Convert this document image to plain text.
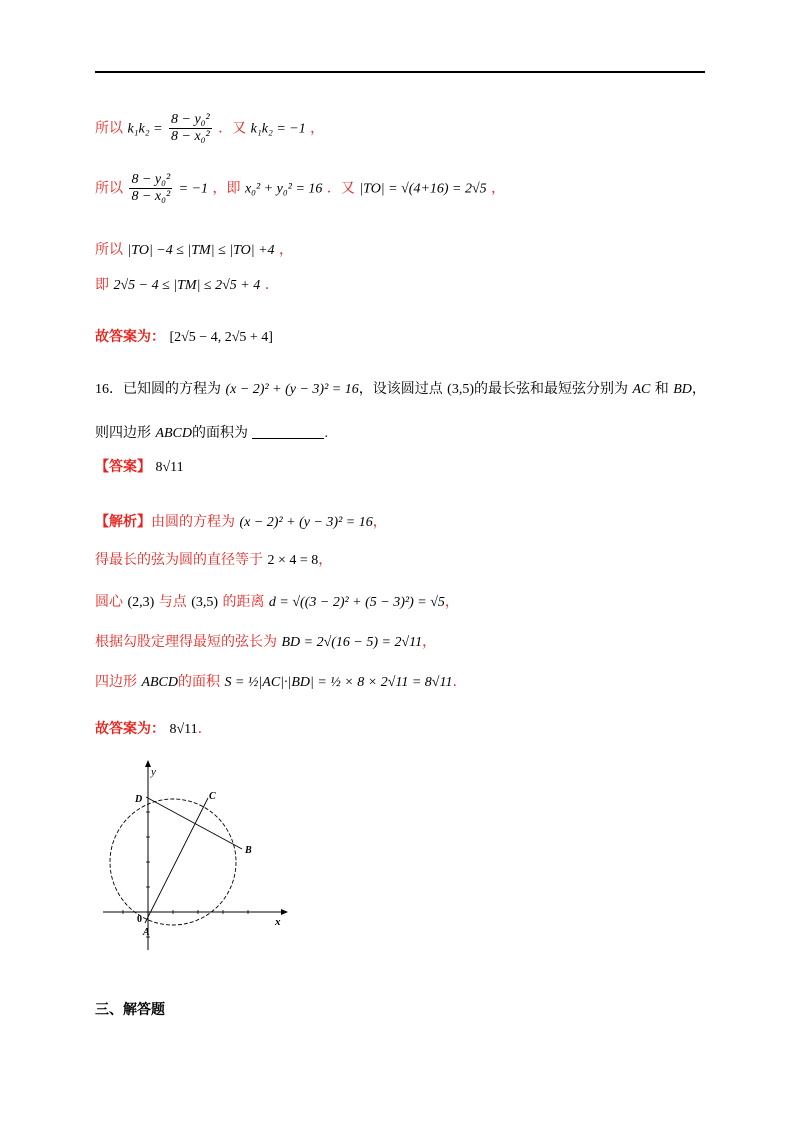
所以 $k_1k_2 = \frac{\text{8 − y₀²}}{\text{8 − x₀²}}$ ．又 k₁k₂ = −1 ，
所以 $\frac{\text{8 − y₀²}}{\text{8 − x₀²}} = -1$ ，即 x₀² + y₀² = 16 ．又 |TO| = √(4+16) = 2√5 ，
所以 |TO| −4 ≤ |TM| ≤ |TO| +4 ，
即 2√5 − 4 ≤ |TM| ≤ 2√5 + 4 .
故答案为： [2√5 − 4, 2√5 + 4]
16．已知圆的方程为 (x − 2)² + (y − 3)² = 16，设该圆过点 (3,5)的最长弦和最短弦分别为 AC 和 BD，
则四边形 ABCD的面积为	.
【答案】 8√11
【解析】由圆的方程为 (x − 2)² + (y − 3)² = 16，
得最长的弦为圆的直径等于 2 × 4 = 8，
圆心 (2,3) 与点 (3,5) 的距离 d = √((3 − 2)² + (5 − 3)²) = √5，
根据勾股定理得最短的弦长为 BD = 2√(16 − 5) = 2√11，
四边形 ABCD的面积 S = ½|AC|·|BD| = ½ × 8 × 2√11 = 8√11.
故答案为： 8√11.
y
x
0
A
B
C
D
三、解答题
